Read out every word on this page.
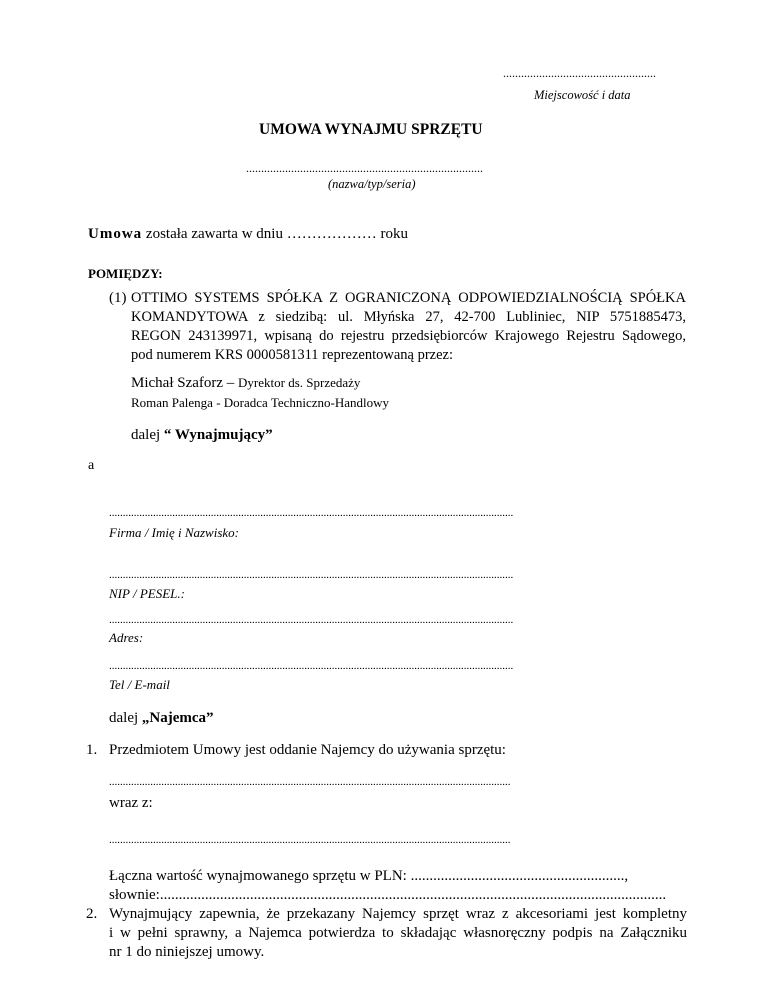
...................................................
Miejscowość i data
UMOWA WYNAJMU SPRZĘTU
...............................................................................
(nazwa/typ/seria)
Umowa została zawarta w dniu ……………… roku
POMIĘDZY:
(1) OTTIMO SYSTEMS SPÓŁKA Z OGRANICZONĄ ODPOWIEDZIALNOŚCIĄ SPÓŁKA
KOMANDYTOWA z siedzibą: ul. Młyńska 27, 42-700 Lubliniec, NIP 5751885473,
REGON 243139971, wpisaną do rejestru przedsiębiorców Krajowego Rejestru Sądowego,
pod numerem KRS 0000581311 reprezentowaną przez:
Michał Szaforz – Dyrektor ds. Sprzedaży
Roman Palenga - Doradca Techniczno-Handlowy
dalej “ Wynajmujący”
a
...................................................................................................................................................
Firma / Imię i Nazwisko:
...................................................................................................................................................
NIP / PESEL.:
...................................................................................................................................................
Adres:
...................................................................................................................................................
Tel / E-mail
dalej „Najemca”
1. Przedmiotem Umowy jest oddanie Najemcy do używania sprzętu:
..................................................................................................................................................
wraz z:
..................................................................................................................................................
Łączna wartość wynajmowanego sprzętu w PLN: .........................................................,
słownie:.......................................................................................................................................
2. Wynajmujący zapewnia, że przekazany Najemcy sprzęt wraz z akcesoriami jest kompletny
i w pełni sprawny, a Najemca potwierdza to składając własnoręczny podpis na Załączniku
nr 1 do niniejszej umowy.
